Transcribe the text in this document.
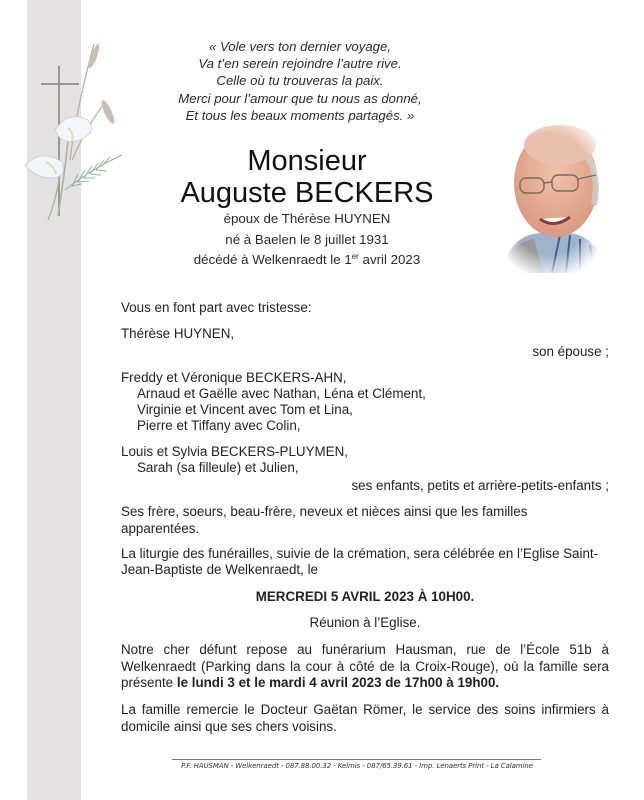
« Vole vers ton dernier voyage,
Va t’en serein rejoindre l’autre rive.
Celle où tu trouveras la paix.
Merci pour l’amour que tu nous as donné,
Et tous les beaux moments partagés. »
Monsieur
Auguste BECKERS
époux de Thérèse HUYNEN
né à Baelen le 8 juillet 1931
décédé à Welkenraedt le 1er avril 2023
Vous en font part avec tristesse:
Thérèse HUYNEN,
son épouse ;
Freddy et Véronique BECKERS-AHN,
Arnaud et Gaëlle avec Nathan, Léna et Clément,
Virginie et Vincent avec Tom et Lina,
Pierre et Tiffany avec Colin,
Louis et Sylvia BECKERS-PLUYMEN,
Sarah (sa filleule) et Julien,
ses enfants, petits et arrière-petits-enfants ;
Ses frère, soeurs, beau-frère, neveux et nièces ainsi que les familles apparentées.
La liturgie des funérailles, suivie de la crémation, sera célébrée en l’Eglise Saint-
Jean-Baptiste de Welkenraedt, le
MERCREDI 5 AVRIL 2023 À 10H00.
Réunion à l’Eglise.
Notre cher défunt repose au funérarium Hausman, rue de l’École 51b à Welkenraedt (Parking dans la cour à côté de la Croix-Rouge), où la famille sera présente le lundi 3 et le mardi 4 avril 2023 de 17h00 à 19h00.
La famille remercie le Docteur Gaëtan Römer, le service des soins infirmiers à domicile ainsi que ses chers voisins.
P.F. HAUSMAN - Welkenraedt - 087.88.00.32 - Kelmis - 087/65.39.61 - Imp. Lenaerts Print - La Calamine
